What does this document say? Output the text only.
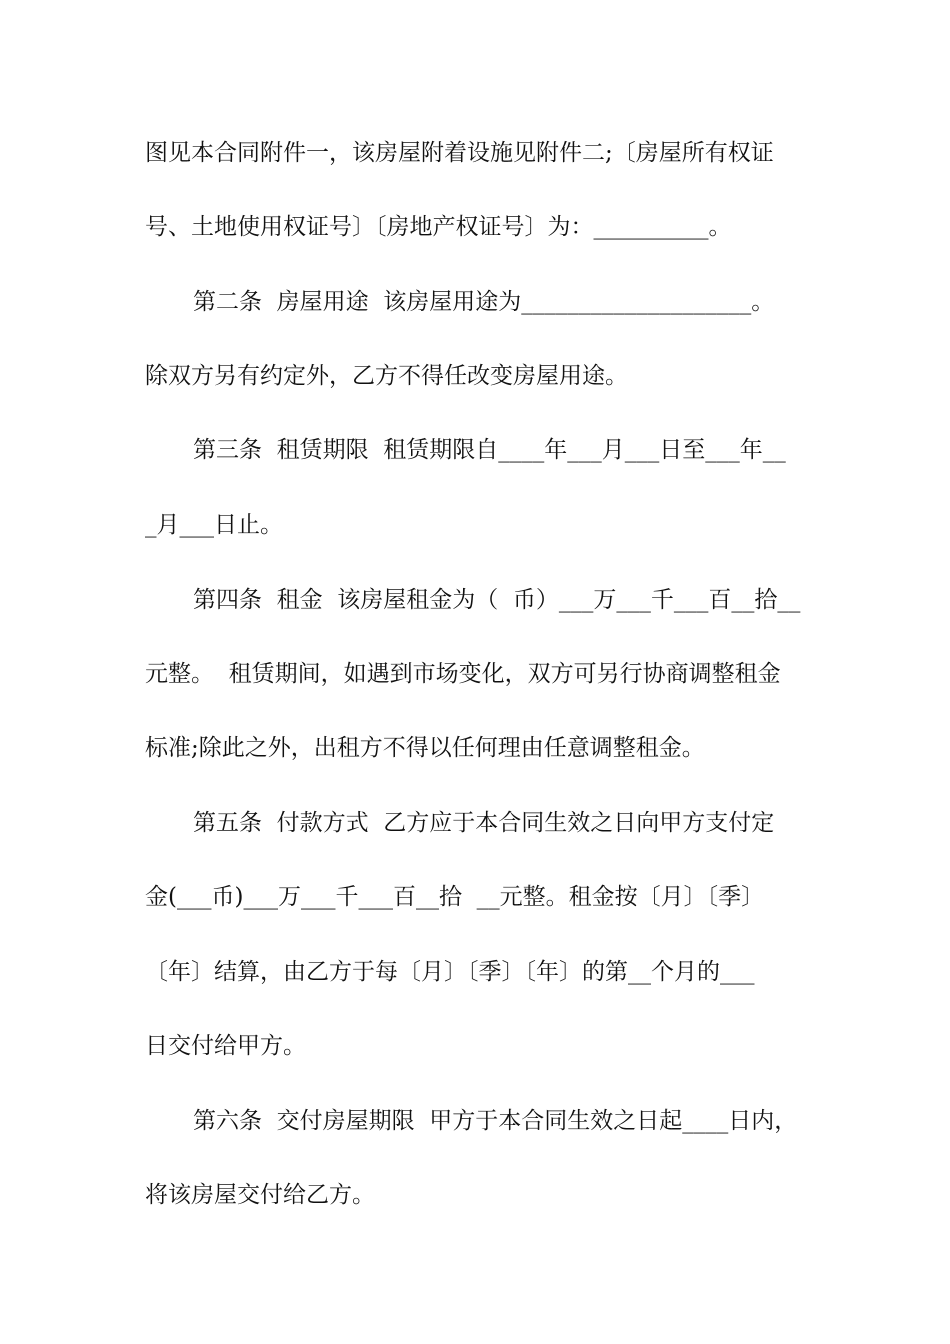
图见本合同附件一，该房屋附着设施见附件二;〔房屋所有权证
号、土地使用权证号〕〔房地产权证号〕为：__________。
第二条  房屋用途  该房屋用途为____________________。
除双方另有约定外，乙方不得任改变房屋用途。
第三条  租赁期限  租赁期限自____年___月___日至___年__
_月___日止。
第四条  租金  该房屋租金为（  币）___万___千___百__拾__
元整。  租赁期间，如遇到市场变化，双方可另行协商调整租金
标准;除此之外，出租方不得以任何理由任意调整租金。
第五条  付款方式  乙方应于本合同生效之日向甲方支付定
金(___币)___万___千___百__拾  __元整。租金按〔月〕〔季〕
〔年〕结算，由乙方于每〔月〕〔季〕〔年〕的第__个月的___
日交付给甲方。
第六条  交付房屋期限  甲方于本合同生效之日起____日内，
将该房屋交付给乙方。
